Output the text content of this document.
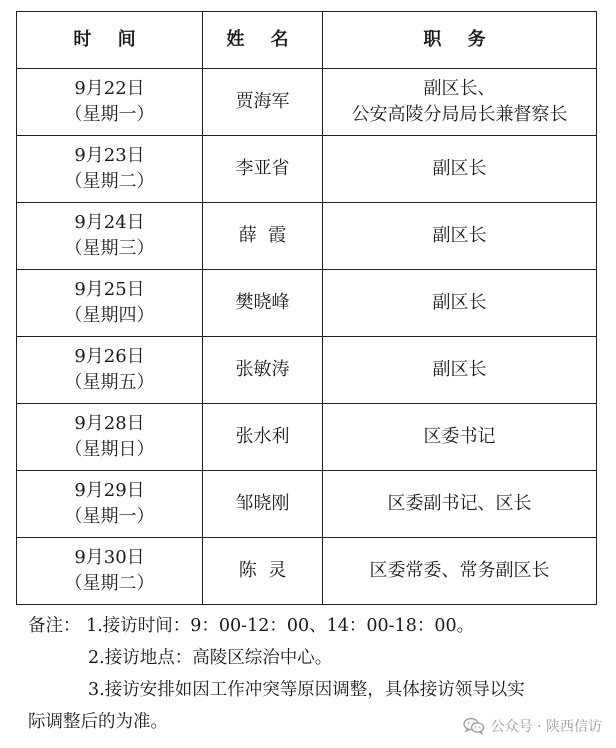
时 间	姓 名	职 务

9月22日
（星期一）	贾海军	副区长、
公安高陵分局局长兼督察长

9月23日
（星期二）	李亚省	副区长

9月24日
（星期三）	薛  霞	副区长

9月25日
（星期四）	樊晓峰	副区长

9月26日
（星期五）	张敏涛	副区长

9月28日
（星期日）	张水利	区委书记

9月29日
（星期一）	邹晓刚	区委副书记、区长

9月30日
（星期二）	陈  灵	区委常委、常务副区长
备注： 1.接访时间：9：00-12：00、14：00-18：00。
2.接访地点：高陵区综治中心。
3.接访安排如因工作冲突等原因调整，具体接访领导以实
际调整后的为准。	公众号 · 陕西信访
